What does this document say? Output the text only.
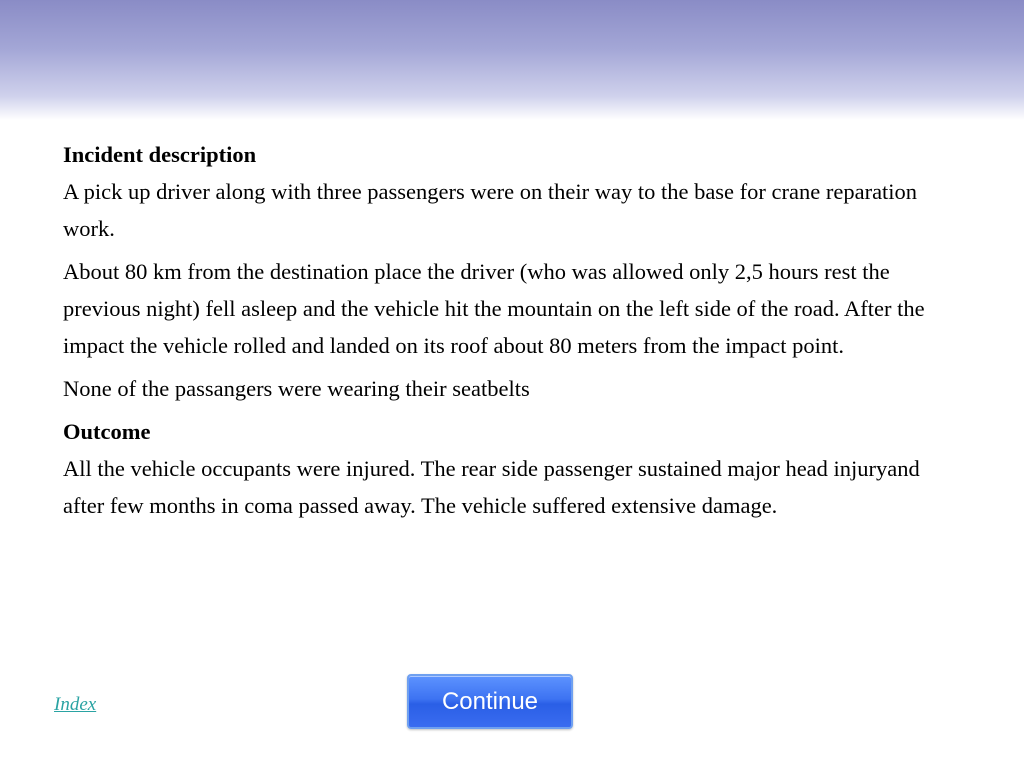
Incident description
A pick up driver along with three passengers were on their way to the base for crane reparation work.

About 80 km from the destination place the driver (who was allowed only 2,5 hours rest the previous night) fell asleep and the vehicle hit the mountain on the left side of the road. After the impact the vehicle rolled and landed on its roof about 80 meters from the impact point.

None of the passangers were wearing their seatbelts

Outcome
All the vehicle occupants were injured. The rear side passenger sustained major head injuryand after few months in coma passed away. The vehicle suffered extensive damage.

Index	Continue
